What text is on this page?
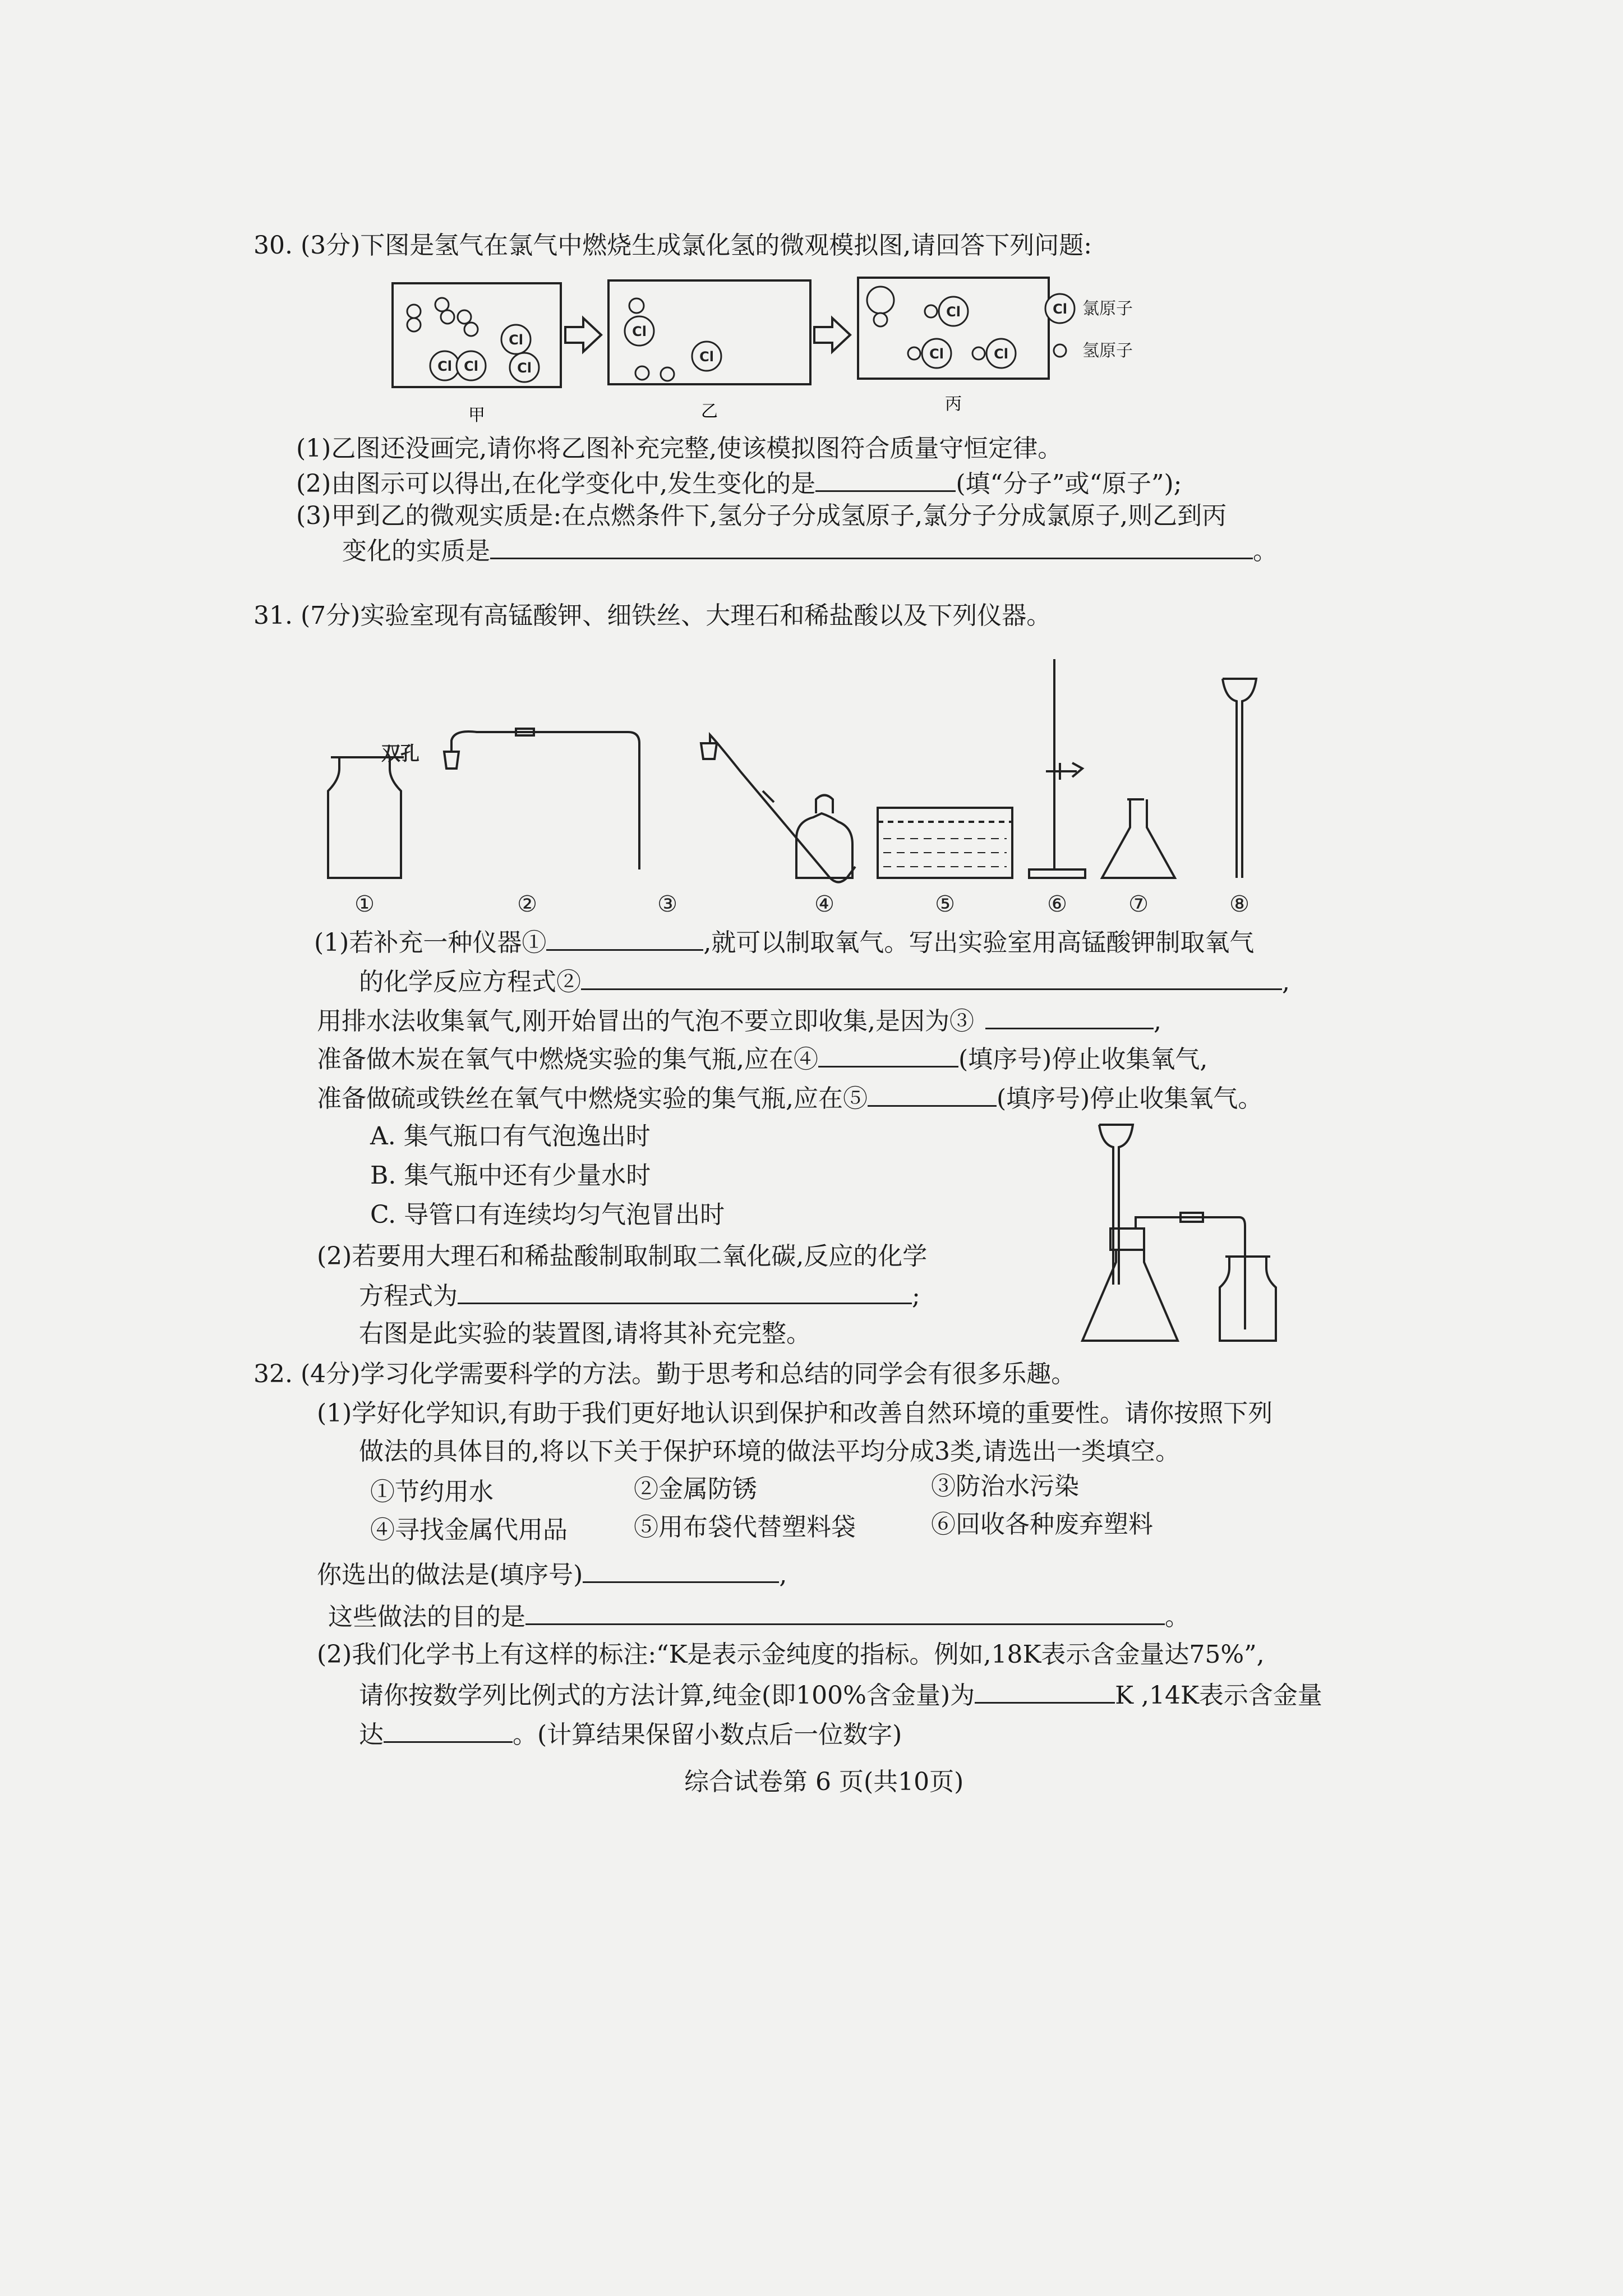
30. (3分)下图是氢气在氯气中燃烧生成氯化氢的微观模拟图,请回答下列问题:
Cl Cl
Cl
Cl
甲
Cl
Cl
乙
Cl
Cl	Cl
丙
Cl 氯原子
氢原子
(1)乙图还没画完,请你将乙图补充完整,使该模拟图符合质量守恒定律。
(2)由图示可以得出,在化学变化中,发生变化的是	(填“分子”或“原子”);
(3)甲到乙的微观实质是:在点燃条件下,氢分子分成氢原子,氯分子分成氯原子,则乙到丙
变化的实质是	。
31. (7分)实验室现有高锰酸钾、细铁丝、大理石和稀盐酸以及下列仪器。
双孔
①	②	③	④	⑤	⑥	⑦	⑧
(1)若补充一种仪器①	,就可以制取氧气。写出实验室用高锰酸钾制取氧气
的化学反应方程式②	,
用排水法收集氧气,刚开始冒出的气泡不要立即收集,是因为③	,
准备做木炭在氧气中燃烧实验的集气瓶,应在④	(填序号)停止收集氧气,
准备做硫或铁丝在氧气中燃烧实验的集气瓶,应在⑤	(填序号)停止收集氧气。
A. 集气瓶口有气泡逸出时
B. 集气瓶中还有少量水时
C. 导管口有连续均匀气泡冒出时
(2)若要用大理石和稀盐酸制取制取二氧化碳,反应的化学
方程式为	;
右图是此实验的装置图,请将其补充完整。
32. (4分)学习化学需要科学的方法。勤于思考和总结的同学会有很多乐趣。
(1)学好化学知识,有助于我们更好地认识到保护和改善自然环境的重要性。请你按照下列
做法的具体目的,将以下关于保护环境的做法平均分成3类,请选出一类填空。
①节约用水	②金属防锈	③防治水污染
④寻找金属代用品	⑤用布袋代替塑料袋	⑥回收各种废弃塑料
你选出的做法是(填序号)	,
这些做法的目的是	。
(2)我们化学书上有这样的标注:“K是表示金纯度的指标。例如,18K表示含金量达75%”,
请你按数学列比例式的方法计算,纯金(即100%含金量)为	K ,14K表示含金量
达	。(计算结果保留小数点后一位数字)
综合试卷第 6 页(共10页)
